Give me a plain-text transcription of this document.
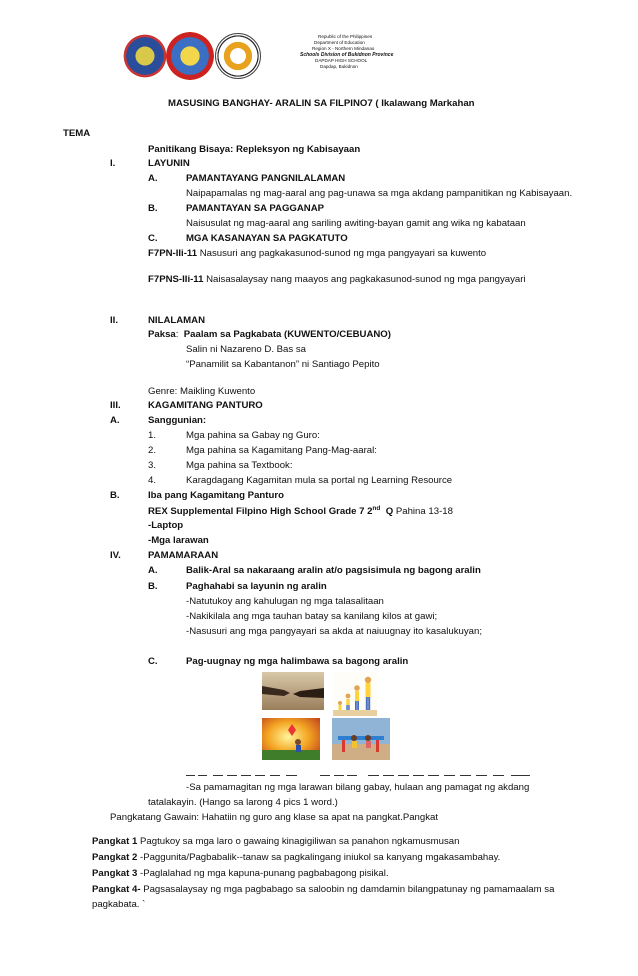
Republic of the Philippines
Department of Education
Region X - Northern Mindanao
Schools Division of Bukidnon Province
DAPDAP HIGH SCHOOL
Dapdap, Bukidnon
MASUSING BANGHAY- ARALIN SA FILPINO7 ( Ikalawang Markahan
TEMA
Panitikang Bisaya: Repleksyon ng Kabisayaan
I.	LAYUNIN
A.	PAMANTAYANG PANGNILALAMAN
Naipapamalas ng mag-aaral ang pag-unawa sa mga akdang pampanitikan ng Kabisayaan.
B.	PAMANTAYAN SA PAGGANAP
Naisusulat ng mag-aaral ang sariling awiting-bayan gamit ang wika ng kabataan
C.	MGA KASANAYAN SA PAGKATUTO
F7PN-IIi-11 Nasusuri ang pagkakasunod-sunod ng mga pangyayari sa kuwento
F7PNS-IIi-11 Naisasalaysay nang maayos ang pagkakasunod-sunod ng mga pangyayari
II.	NILALAMAN
Paksa:  Paalam sa Pagkabata (KUWENTO/CEBUANO)
Salin ni Nazareno D. Bas sa
“Panamilit sa Kabantanon” ni Santiago Pepito
Genre: Maikling Kuwento
III.	KAGAMITANG PANTURO
A.	Sanggunian:
1.	Mga pahina sa Gabay ng Guro:
2.	Mga pahina sa Kagamitang Pang-Mag-aaral:
3.	Mga pahina sa Textbook:
4.	Karagdagang Kagamitan mula sa portal ng Learning Resource
B.	Iba pang Kagamitang Panturo
REX Supplemental Filpino High School Grade 7 2nd Q Pahina 13-18
-Laptop
-Mga larawan
IV.	PAMAMARAAN
A.	Balik-Aral sa nakaraang aralin at/o pagsisimula ng bagong aralin
B.	Paghahabi sa layunin ng aralin
-Natutukoy ang kahulugan ng mga talasalitaan
-Nakikilala ang mga tauhan batay sa kanilang kilos at gawi;
-Nasusuri ang mga pangyayari sa akda at naiuugnay ito kasalukuyan;
C.	Pag-uugnay ng mga halimbawa sa bagong aralin
-Sa pamamagitan ng mga larawan bilang gabay, hulaan ang pamagat ng akdang
tatalakayin. (Hango sa larong 4 pics 1 word.)
Pangkatang Gawain: Hahatiin ng guro ang klase sa apat na pangkat.Pangkat
Pangkat 1 Pagtukoy sa mga laro o gawaing kinagigiliwan sa panahon ngkamusmusan
Pangkat 2 -Paggunita/Pagbabalik--tanaw sa pagkalingang iniukol sa kanyang mgakasambahay.
Pangkat 3 -Paglalahad ng mga kapuna-punang pagbabagong pisikal.
Pangkat 4- Pagsasalaysay ng mga pagbabago sa saloobin ng damdamin bilangpatunay ng pamamaalam sa
pagkabata. `
